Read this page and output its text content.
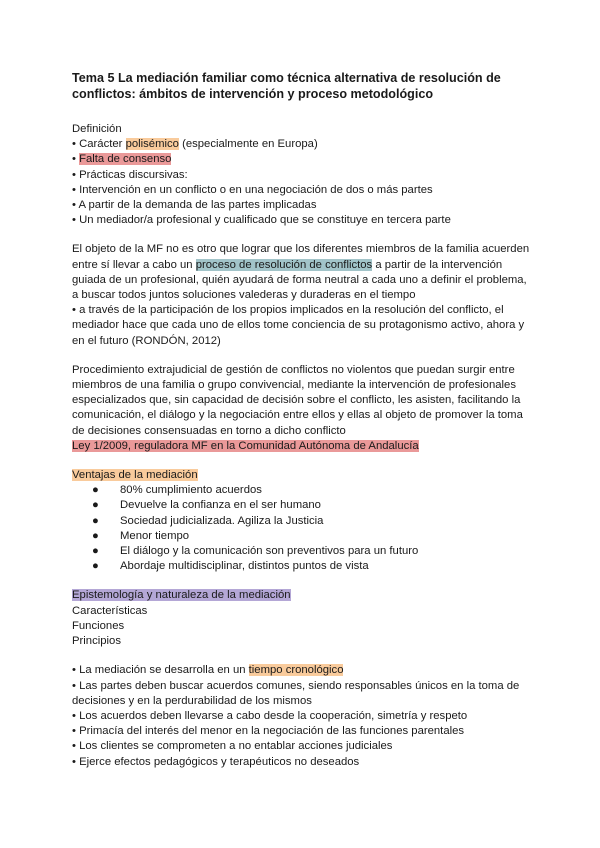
Tema 5 La mediación familiar como técnica alternativa de resolución de
conflictos: ámbitos de intervención y proceso metodológico
Definición
• Carácter polisémico (especialmente en Europa)
• Falta de consenso
• Prácticas discursivas:
• Intervención en un conflicto o en una negociación de dos o más partes
• A partir de la demanda de las partes implicadas
• Un mediador/a profesional y cualificado que se constituye en tercera parte
El objeto de la MF no es otro que lograr que los diferentes miembros de la familia acuerden
entre sí llevar a cabo un proceso de resolución de conflictos a partir de la intervención
guiada de un profesional, quién ayudará de forma neutral a cada uno a definir el problema,
a buscar todos juntos soluciones valederas y duraderas en el tiempo
• a través de la participación de los propios implicados en la resolución del conflicto, el
mediador hace que cada uno de ellos tome conciencia de su protagonismo activo, ahora y
en el futuro (RONDÓN, 2012)
Procedimiento extrajudicial de gestión de conflictos no violentos que puedan surgir entre
miembros de una familia o grupo convivencial, mediante la intervención de profesionales
especializados que, sin capacidad de decisión sobre el conflicto, les asisten, facilitando la
comunicación, el diálogo y la negociación entre ellos y ellas al objeto de promover la toma
de decisiones consensuadas en torno a dicho conflicto
Ley 1/2009, reguladora MF en la Comunidad Autónoma de Andalucía
Ventajas de la mediación
● 80% cumplimiento acuerdos
● Devuelve la confianza en el ser humano
● Sociedad judicializada. Agiliza la Justicia
● Menor tiempo
● El diálogo y la comunicación son preventivos para un futuro
● Abordaje multidisciplinar, distintos puntos de vista
Epistemología y naturaleza de la mediación
Características
Funciones
Principios
• La mediación se desarrolla en un tiempo cronológico
• Las partes deben buscar acuerdos comunes, siendo responsables únicos en la toma de
decisiones y en la perdurabilidad de los mismos
• Los acuerdos deben llevarse a cabo desde la cooperación, simetría y respeto
• Primacía del interés del menor en la negociación de las funciones parentales
• Los clientes se comprometen a no entablar acciones judiciales
• Ejerce efectos pedagógicos y terapéuticos no deseados
